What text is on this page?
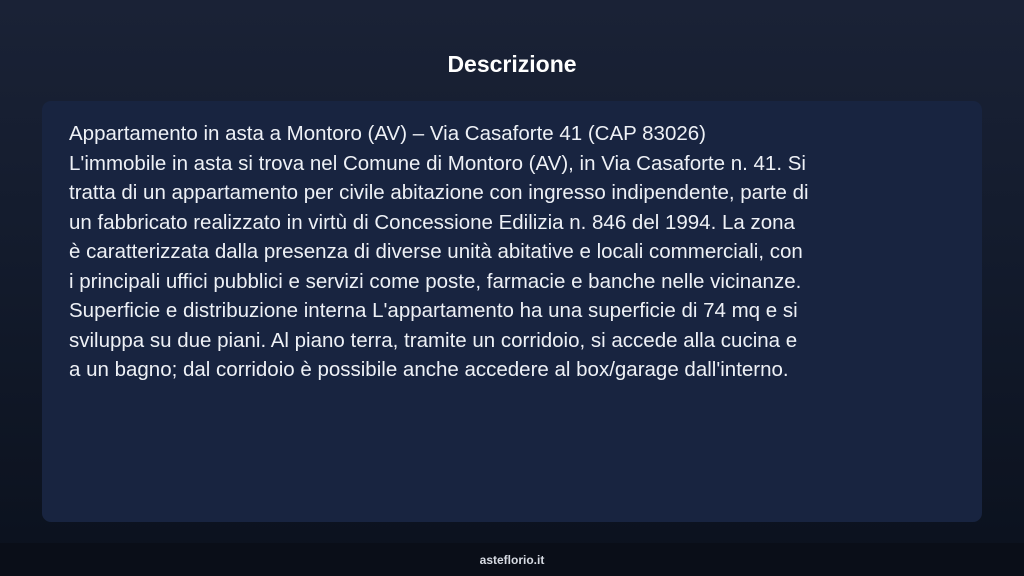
Descrizione

Appartamento in asta a Montoro (AV) – Via Casaforte 41 (CAP 83026)

L'immobile in asta si trova nel Comune di Montoro (AV), in Via Casaforte n. 41. Si

tratta di un appartamento per civile abitazione con ingresso indipendente, parte di

un fabbricato realizzato in virtù di Concessione Edilizia n. 846 del 1994. La zona

è caratterizzata dalla presenza di diverse unità abitative e locali commerciali, con

i principali uffici pubblici e servizi come poste, farmacie e banche nelle vicinanze.

Superficie e distribuzione interna L'appartamento ha una superficie di 74 mq e si

sviluppa su due piani. Al piano terra, tramite un corridoio, si accede alla cucina e

a un bagno; dal corridoio è possibile anche accedere al box/garage dall'interno.

asteflorio.it
